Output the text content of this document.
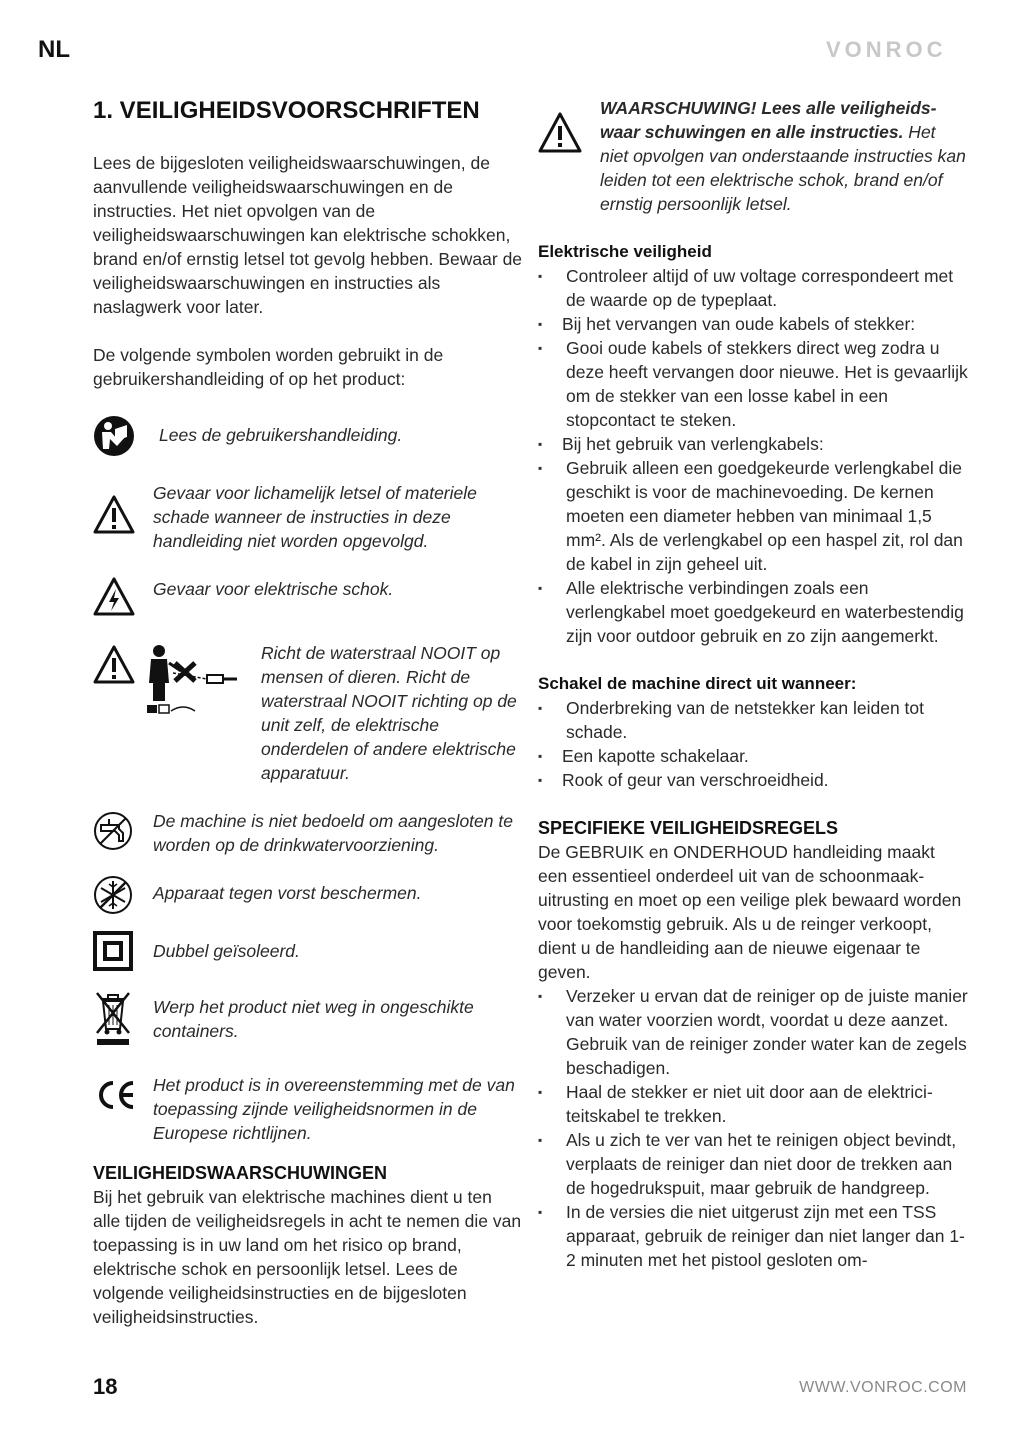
NL	VONROC
1. VEILIGHEIDSVOORSCHRIFTEN

Lees de bijgesloten veiligheidswaarschuwingen, de aanvullende veiligheidswaarschuwingen en de instructies. Het niet opvolgen van de veiligheidswaarschuwingen kan elektrische schokken, brand en/of ernstig letsel tot gevolg hebben. Bewaar de veiligheidswaarschuwingen en instructies als naslagwerk voor later.

De volgende symbolen worden gebruikt in de gebruikershandleiding of op het product:

Lees de gebruikershandleiding.
Gevaar voor lichamelijk letsel of materiele schade wanneer de instructies in deze handleiding niet worden opgevolgd.
Gevaar voor elektrische schok.
Richt de waterstraal NOOIT op mensen of dieren. Richt de waterstraal NOOIT richting op de unit zelf, de elektrische onderdelen of andere elektrische apparatuur.
De machine is niet bedoeld om aangesloten te worden op de drinkwatervoorziening.
Apparaat tegen vorst beschermen.
Dubbel geïsoleerd.
Werp het product niet weg in ongeschikte containers.
Het product is in overeenstemming met de van toepassing zijnde veiligheidsnormen in de Europese richtlijnen.
VEILIGHEIDSWAARSCHUWINGEN

Bij het gebruik van elektrische machines dient u ten alle tijden de veiligheidsregels in acht te nemen die van toepassing is in uw land om het risico op brand, elektrische schok en persoonlijk letsel. Lees de volgende veiligheidsinstructies en de bijgesloten veiligheidsinstructies.

WAARSCHUWING! Lees alle veiligheids-waar schuwingen en alle instructies. Het niet opvolgen van onderstaande instructies kan leiden tot een elektrische schok, brand en/of ernstig persoonlijk letsel.
Elektrische veiligheid
▪ Controleer altijd of uw voltage correspondeert met de waarde op de typeplaat.
▪ Bij het vervangen van oude kabels of stekker:
▪ Gooi oude kabels of stekkers direct weg zodra u deze heeft vervangen door nieuwe. Het is gevaarlijk om de stekker van een losse kabel in een stopcontact te steken.
▪ Bij het gebruik van verlengkabels:
▪ Gebruik alleen een goedgekeurde verlengkabel die geschikt is voor de machinevoeding. De kernen moeten een diameter hebben van minimaal 1,5 mm². Als de verlengkabel op een haspel zit, rol dan de kabel in zijn geheel uit.
▪ Alle elektrische verbindingen zoals een verlengkabel moet goedgekeurd en waterbestendig zijn voor outdoor gebruik en zo zijn aangemerkt.
Schakel de machine direct uit wanneer:
▪ Onderbreking van de netstekker kan leiden tot schade.
▪ Een kapotte schakelaar.
▪ Rook of geur van verschroeidheid.
SPECIFIEKE VEILIGHEIDSREGELS

De GEBRUIK en ONDERHOUD handleiding maakt een essentieel onderdeel uit van de schoonmaak-uitrusting en moet op een veilige plek bewaard worden voor toekomstig gebruik. Als u de reinger verkoopt, dient u de handleiding aan de nieuwe eigenaar te geven.

▪ Verzeker u ervan dat de reiniger op de juiste manier van water voorzien wordt, voordat u deze aanzet. Gebruik van de reiniger zonder water kan de zegels beschadigen.
▪ Haal de stekker er niet uit door aan de elektrici-teitskabel te trekken.
▪ Als u zich te ver van het te reinigen object bevindt, verplaats de reiniger dan niet door de trekken aan de hogedrukspuit, maar gebruik de handgreep.
▪ In de versies die niet uitgerust zijn met een TSS apparaat, gebruik de reiniger dan niet langer dan 1-2 minuten met het pistool gesloten om-
18	WWW.VONROC.COM
